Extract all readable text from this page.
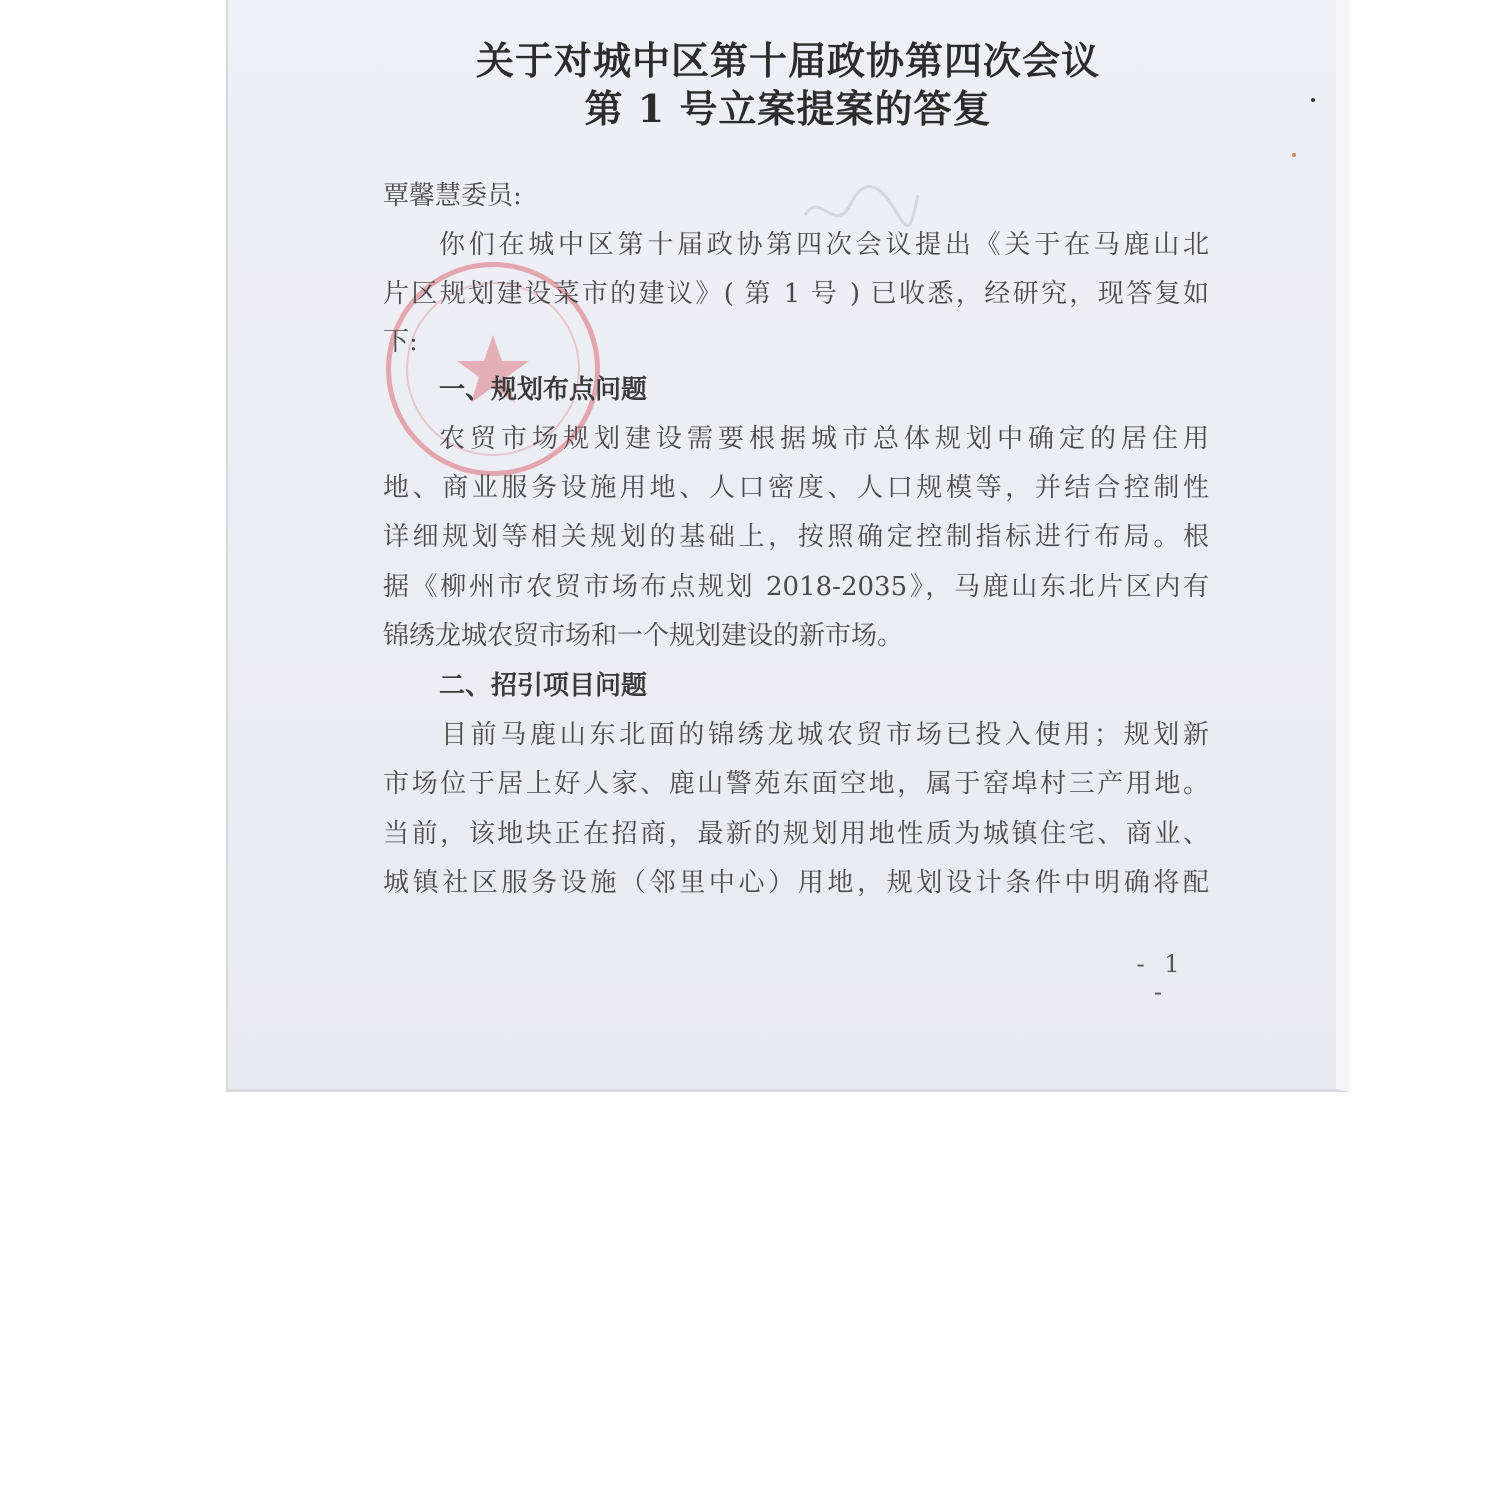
关于对城中区第十届政协第四次会议
第 1 号立案提案的答复
覃馨慧委员:
你们在城中区第十届政协第四次会议提出《关于在马鹿山北
片区规划建设菜市的建议》( 第 1 号 ) 已收悉，经研究，现答复如
下:
一、规划布点问题
农贸市场规划建设需要根据城市总体规划中确定的居住用
地、商业服务设施用地、人口密度、人口规模等，并结合控制性
详细规划等相关规划的基础上，按照确定控制指标进行布局。根
据《柳州市农贸市场布点规划 2018-2035》，马鹿山东北片区内有
锦绣龙城农贸市场和一个规划建设的新市场。
二、招引项目问题
目前马鹿山东北面的锦绣龙城农贸市场已投入使用；规划新
市场位于居上好人家、鹿山警苑东面空地，属于窑埠村三产用地。
当前，该地块正在招商，最新的规划用地性质为城镇住宅、商业、
城镇社区服务设施（邻里中心）用地，规划设计条件中明确将配
- 1 -
